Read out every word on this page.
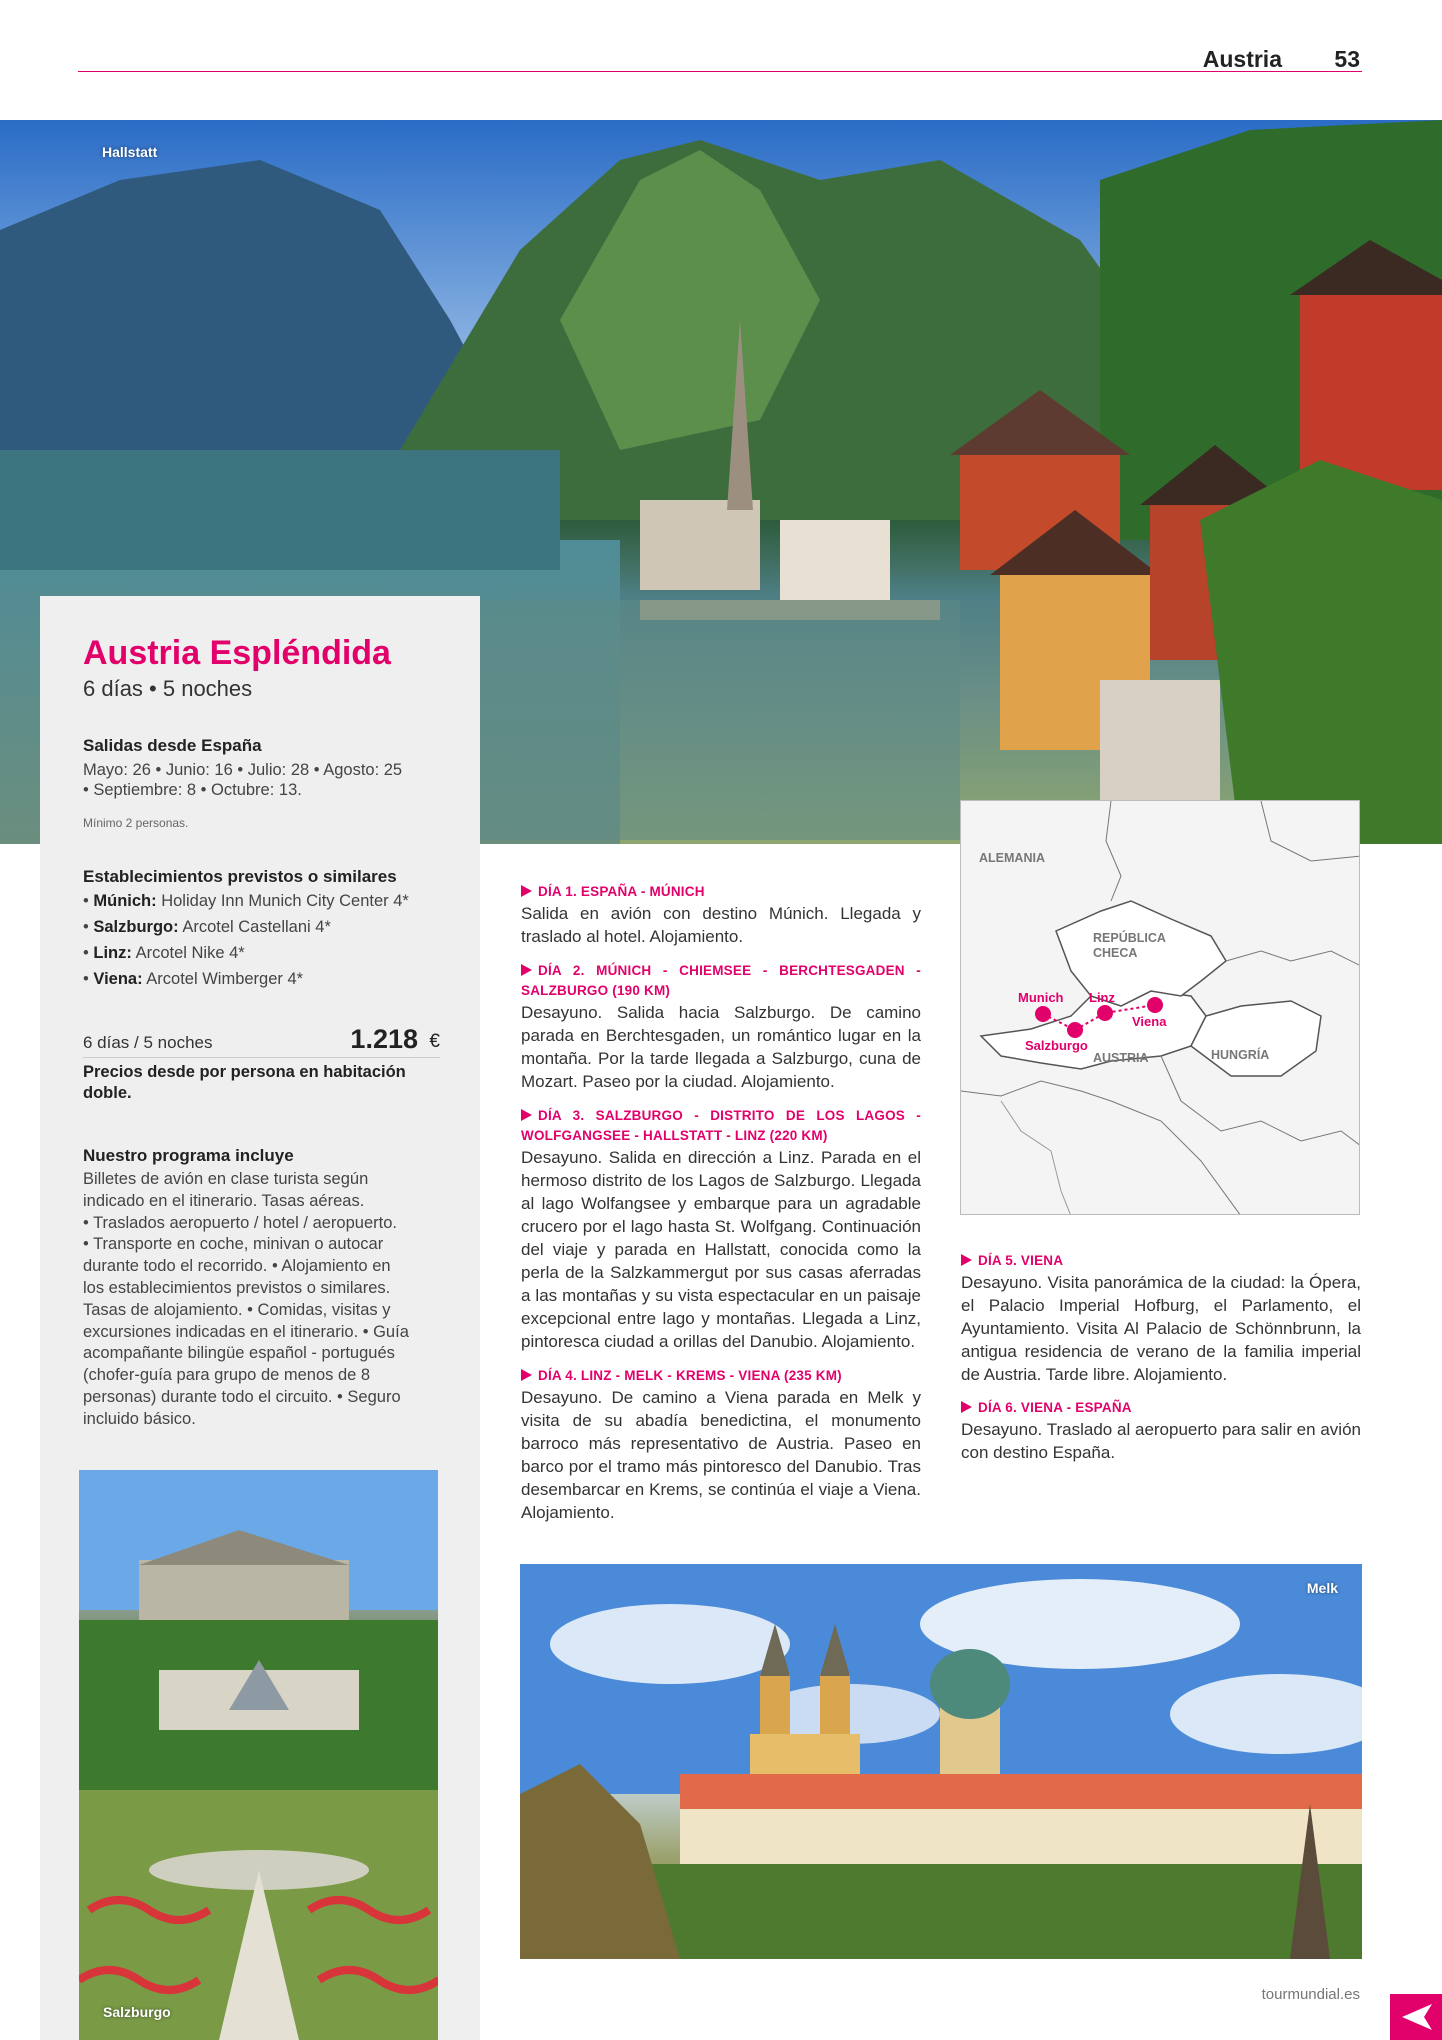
Austria 53
Hallstatt
Austria Espléndida
6 días • 5 noches
Salidas desde España
Mayo: 26 • Junio: 16 • Julio: 28 • Agosto: 25
• Septiembre: 8 • Octubre: 13.
Mínimo 2 personas.
Establecimientos previstos o similares
• Múnich: Holiday Inn Munich City Center 4*
• Salzburgo: Arcotel Castellani 4*
• Linz: Arcotel Nike 4*
• Viena: Arcotel Wimberger 4*
6 días / 5 noches	1.218 €
Precios desde por persona en habitación doble.
Nuestro programa incluye
Billetes de avión en clase turista según
indicado en el itinerario. Tasas aéreas.
• Traslados aeropuerto / hotel / aeropuerto.
• Transporte en coche, minivan o autocar
durante todo el recorrido. • Alojamiento en
los establecimientos previstos o similares.
Tasas de alojamiento. • Comidas, visitas y
excursiones indicadas en el itinerario. • Guía
acompañante bilingüe español - portugués
(chofer-guía para grupo de menos de 8
personas) durante todo el circuito. • Seguro
incluido básico.
Salzburgo
DÍA 1. ESPAÑA - MÚNICH
Salida en avión con destino Múnich. Llegada y traslado al hotel. Alojamiento.
DÍA 2. MÚNICH - CHIEMSEE - BERCHTESGADEN - SALZBURGO (190 KM)
Desayuno. Salida hacia Salzburgo. De camino parada en Berchtesgaden, un romántico lugar en la montaña. Por la tarde llegada a Salzburgo, cuna de Mozart. Paseo por la ciudad. Alojamiento.
DÍA 3. SALZBURGO - DISTRITO DE LOS LAGOS - WOLFGANGSEE - HALLSTATT - LINZ (220 KM)
Desayuno. Salida en dirección a Linz. Parada en el hermoso distrito de los Lagos de Salzburgo. Llegada al lago Wolfangsee y embarque para un agradable crucero por el lago hasta St. Wolfgang. Continuación del viaje y parada en Hallstatt, conocida como la perla de la Salzkammergut por sus casas aferradas a las montañas y su vista espectacular en un paisaje excepcional entre lago y montañas. Llegada a Linz, pintoresca ciudad a orillas del Danubio. Alojamiento.
DÍA 4. LINZ - MELK - KREMS - VIENA (235 KM)
Desayuno. De camino a Viena parada en Melk y visita de su abadía benedictina, el monumento barroco más representativo de Austria. Paseo en barco por el tramo más pintoresco del Danubio. Tras desembarcar en Krems, se continúa el viaje a Viena. Alojamiento.
ALEMANIA
REPÚBLICA
CHECA
AUSTRIA	HUNGRÍA
Munich Linz
Viena
Salzburgo
DÍA 5. VIENA
Desayuno. Visita panorámica de la ciudad: la Ópera, el Palacio Imperial Hofburg, el Parlamento, el Ayuntamiento. Visita Al Palacio de Schönnbrunn, la antigua residencia de verano de la familia imperial de Austria. Tarde libre. Alojamiento.
DÍA 6. VIENA - ESPAÑA
Desayuno. Traslado al aeropuerto para salir en avión con destino España.
Melk
tourmundial.es
